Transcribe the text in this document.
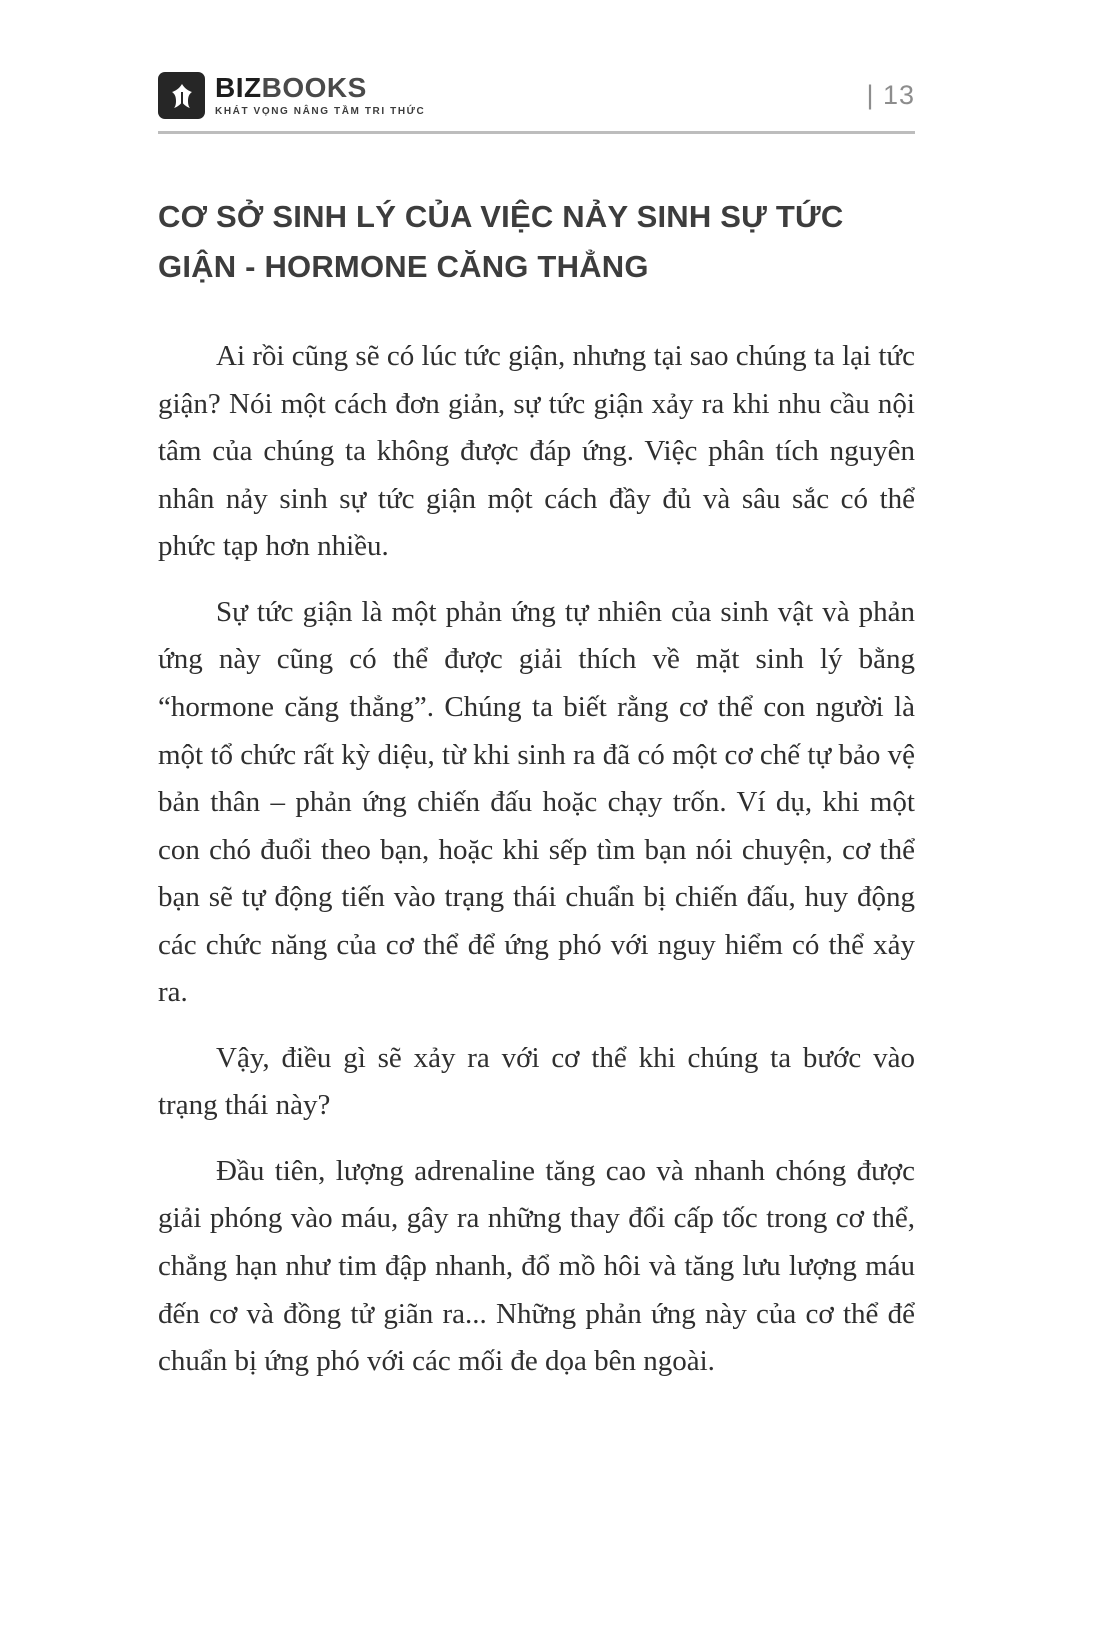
BIZBOOKS
KHÁT VỌNG NÂNG TẦM TRI THỨC
| 13
CƠ SỞ SINH LÝ CỦA VIỆC NẢY SINH SỰ TỨC GIẬN - HORMONE CĂNG THẲNG

Ai rồi cũng sẽ có lúc tức giận, nhưng tại sao chúng ta lại tức giận? Nói một cách đơn giản, sự tức giận xảy ra khi nhu cầu nội tâm của chúng ta không được đáp ứng. Việc phân tích nguyên nhân nảy sinh sự tức giận một cách đầy đủ và sâu sắc có thể phức tạp hơn nhiều.

Sự tức giận là một phản ứng tự nhiên của sinh vật và phản ứng này cũng có thể được giải thích về mặt sinh lý bằng “hormone căng thẳng”. Chúng ta biết rằng cơ thể con người là một tổ chức rất kỳ diệu, từ khi sinh ra đã có một cơ chế tự bảo vệ bản thân – phản ứng chiến đấu hoặc chạy trốn. Ví dụ, khi một con chó đuổi theo bạn, hoặc khi sếp tìm bạn nói chuyện, cơ thể bạn sẽ tự động tiến vào trạng thái chuẩn bị chiến đấu, huy động các chức năng của cơ thể để ứng phó với nguy hiểm có thể xảy ra.

Vậy, điều gì sẽ xảy ra với cơ thể khi chúng ta bước vào trạng thái này?

Đầu tiên, lượng adrenaline tăng cao và nhanh chóng được giải phóng vào máu, gây ra những thay đổi cấp tốc trong cơ thể, chẳng hạn như tim đập nhanh, đổ mồ hôi và tăng lưu lượng máu đến cơ và đồng tử giãn ra... Những phản ứng này của cơ thể để chuẩn bị ứng phó với các mối đe dọa bên ngoài.
